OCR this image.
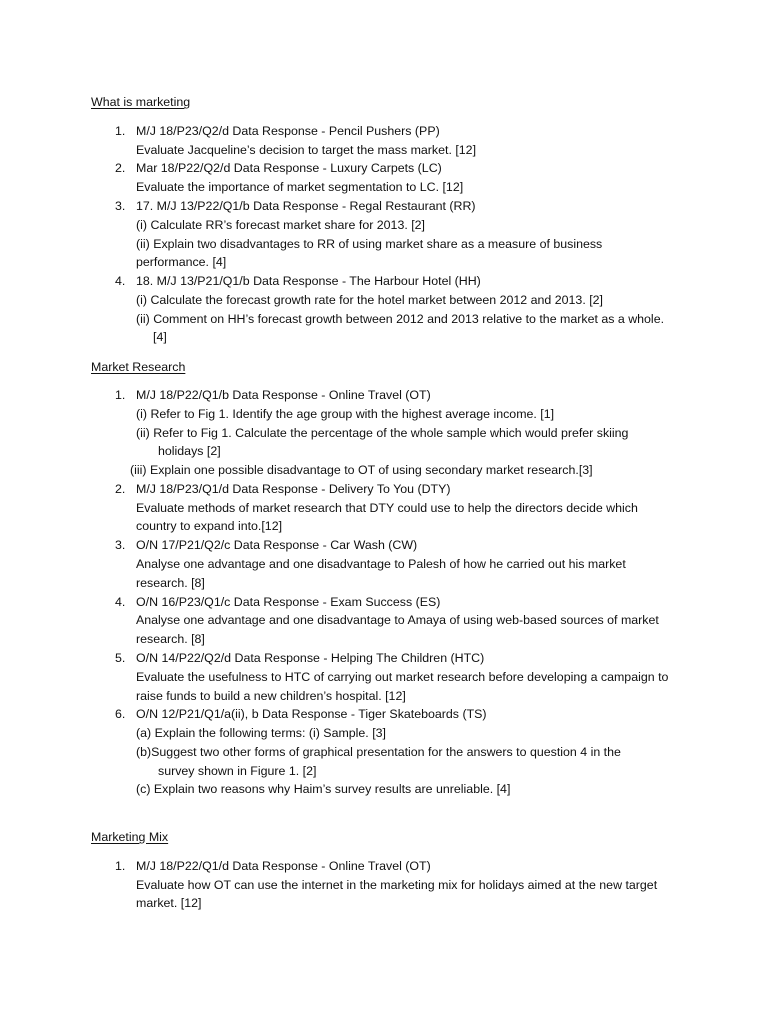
What is marketing
1. M/J 18/P23/Q2/d Data Response - Pencil Pushers (PP)
Evaluate Jacqueline’s decision to target the mass market. [12]
2. Mar 18/P22/Q2/d Data Response - Luxury Carpets (LC)
Evaluate the importance of market segmentation to LC. [12]
3. 17. M/J 13/P22/Q1/b Data Response - Regal Restaurant (RR)
(i) Calculate RR’s forecast market share for 2013. [2]
(ii) Explain two disadvantages to RR of using market share as a measure of business
performance. [4]
4. 18. M/J 13/P21/Q1/b Data Response - The Harbour Hotel (HH)
(i) Calculate the forecast growth rate for the hotel market between 2012 and 2013. [2]
(ii) Comment on HH’s forecast growth between 2012 and 2013 relative to the market as a whole.
[4]
Market Research
1. M/J 18/P22/Q1/b Data Response - Online Travel (OT)
(i) Refer to Fig 1. Identify the age group with the highest average income. [1]
(ii) Refer to Fig 1. Calculate the percentage of the whole sample which would prefer skiing
holidays [2]
(iii) Explain one possible disadvantage to OT of using secondary market research.[3]
2. M/J 18/P23/Q1/d Data Response - Delivery To You (DTY)
Evaluate methods of market research that DTY could use to help the directors decide which
country to expand into.[12]
3. O/N 17/P21/Q2/c Data Response - Car Wash (CW)
Analyse one advantage and one disadvantage to Palesh of how he carried out his market
research. [8]
4. O/N 16/P23/Q1/c Data Response - Exam Success (ES)
Analyse one advantage and one disadvantage to Amaya of using web-based sources of market
research. [8]
5. O/N 14/P22/Q2/d Data Response - Helping The Children (HTC)
Evaluate the usefulness to HTC of carrying out market research before developing a campaign to
raise funds to build a new children’s hospital. [12]
6. O/N 12/P21/Q1/a(ii), b Data Response - Tiger Skateboards (TS)
(a) Explain the following terms: (i) Sample. [3]
(b)Suggest two other forms of graphical presentation for the answers to question 4 in the
survey shown in Figure 1. [2]
(c) Explain two reasons why Haim’s survey results are unreliable. [4]
Marketing Mix
1. M/J 18/P22/Q1/d Data Response - Online Travel (OT)
Evaluate how OT can use the internet in the marketing mix for holidays aimed at the new target
market. [12]
